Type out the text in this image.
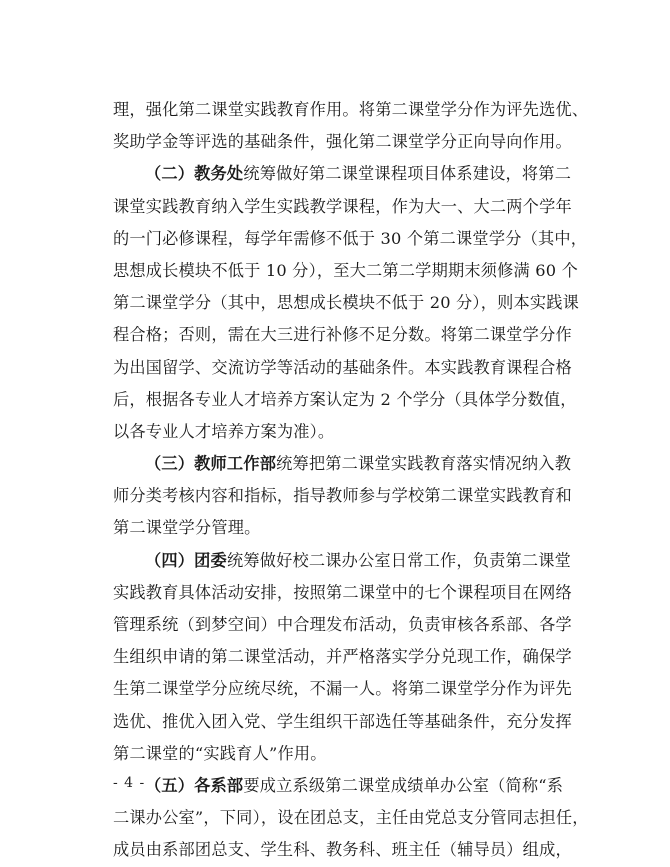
理，强化第二课堂实践教育作用。将第二课堂学分作为评先选优、
奖助学金等评选的基础条件，强化第二课堂学分正向导向作用。
（二）教务处统筹做好第二课堂课程项目体系建设，将第二
课堂实践教育纳入学生实践教学课程，作为大一、大二两个学年
的一门必修课程，每学年需修不低于 30 个第二课堂学分（其中，
思想成长模块不低于 10 分），至大二第二学期期末须修满 60 个
第二课堂学分（其中，思想成长模块不低于 20 分），则本实践课
程合格；否则，需在大三进行补修不足分数。将第二课堂学分作
为出国留学、交流访学等活动的基础条件。本实践教育课程合格
后，根据各专业人才培养方案认定为 2 个学分（具体学分数值，
以各专业人才培养方案为准）。
（三）教师工作部统筹把第二课堂实践教育落实情况纳入教
师分类考核内容和指标，指导教师参与学校第二课堂实践教育和
第二课堂学分管理。
（四）团委统筹做好校二课办公室日常工作，负责第二课堂
实践教育具体活动安排，按照第二课堂中的七个课程项目在网络
管理系统（到梦空间）中合理发布活动，负责审核各系部、各学
生组织申请的第二课堂活动，并严格落实学分兑现工作，确保学
生第二课堂学分应统尽统，不漏一人。将第二课堂学分作为评先
选优、推优入团入党、学生组织干部选任等基础条件，充分发挥
第二课堂的“实践育人”作用。
（五）各系部要成立系级第二课堂成绩单办公室（简称“系
二课办公室”，下同），设在团总支，主任由党总支分管同志担任，
成员由系部团总支、学生科、教务科、班主任（辅导员）组成，
- 4 -
